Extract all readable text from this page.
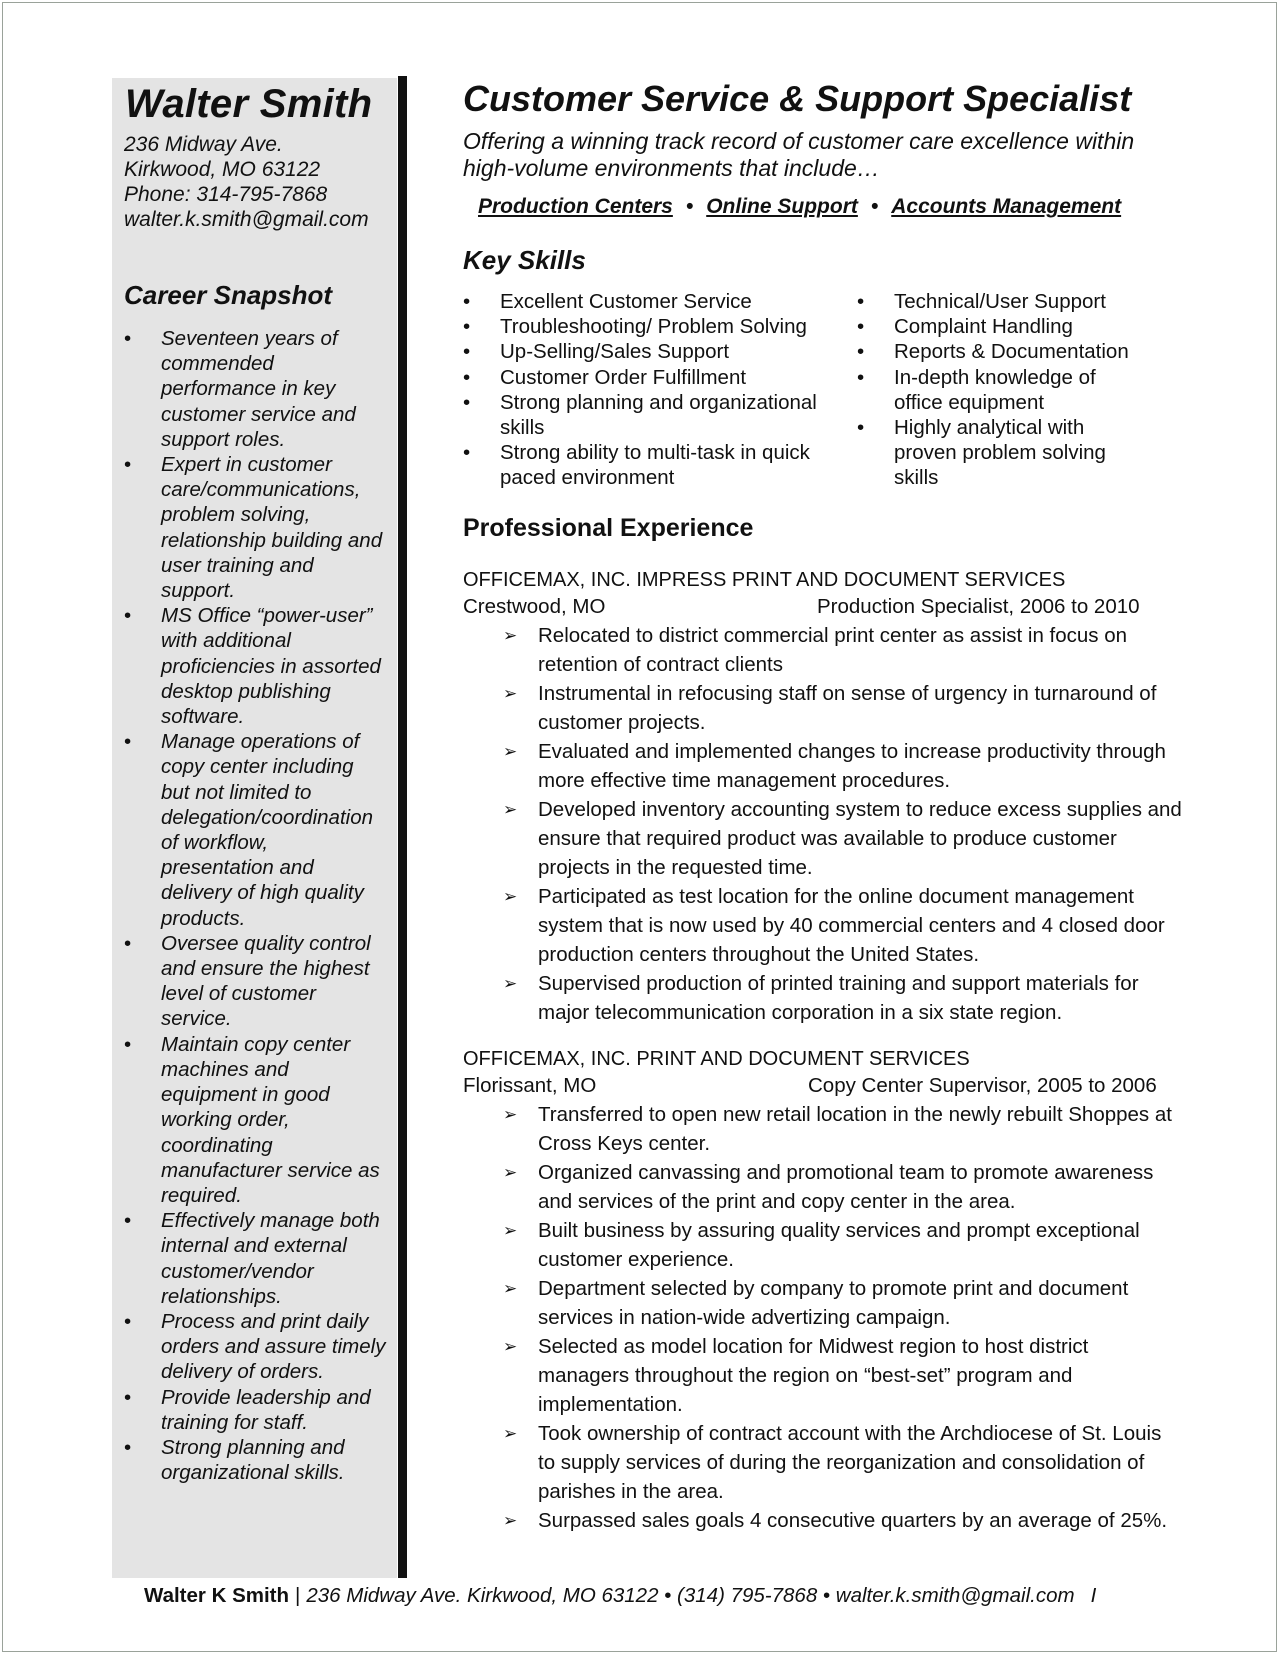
Walter Smith
236 Midway Ave.
Kirkwood, MO 63122
Phone: 314-795-7868
walter.k.smith@gmail.com
Career Snapshot
• Seventeen years of commended performance in key customer service and support roles.
• Expert in customer care/communications, problem solving, relationship building and user training and support.
• MS Office “power-user” with additional proficiencies in assorted desktop publishing software.
• Manage operations of copy center including but not limited to delegation/coordination of workflow, presentation and delivery of high quality products.
• Oversee quality control and ensure the highest level of customer service.
• Maintain copy center machines and equipment in good working order, coordinating manufacturer service as required.
• Effectively manage both internal and external customer/vendor relationships.
• Process and print daily orders and assure timely delivery of orders.
• Provide leadership and training for staff.
• Strong planning and organizational skills.
Customer Service & Support Specialist
Offering a winning track record of customer care excellence within high-volume environments that include…
Production Centers • Online Support • Accounts Management
Key Skills
• Excellent Customer Service
• Troubleshooting/ Problem Solving
• Up-Selling/Sales Support
• Customer Order Fulfillment
• Strong planning and organizational skills
• Strong ability to multi-task in quick paced environment
• Technical/User Support
• Complaint Handling
• Reports & Documentation
• In-depth knowledge of office equipment
• Highly analytical with proven problem solving skills
Professional Experience
OFFICEMAX, INC. IMPRESS PRINT AND DOCUMENT SERVICES
Crestwood, MO	Production Specialist, 2006 to 2010
➢ Relocated to district commercial print center as assist in focus on retention of contract clients
➢ Instrumental in refocusing staff on sense of urgency in turnaround of customer projects.
➢ Evaluated and implemented changes to increase productivity through more effective time management procedures.
➢ Developed inventory accounting system to reduce excess supplies and ensure that required product was available to produce customer projects in the requested time.
➢ Participated as test location for the online document management system that is now used by 40 commercial centers and 4 closed door production centers throughout the United States.
➢ Supervised production of printed training and support materials for major telecommunication corporation in a six state region.
OFFICEMAX, INC. PRINT AND DOCUMENT SERVICES
Florissant, MO	Copy Center Supervisor, 2005 to 2006
➢ Transferred to open new retail location in the newly rebuilt Shoppes at Cross Keys center.
➢ Organized canvassing and promotional team to promote awareness and services of the print and copy center in the area.
➢ Built business by assuring quality services and prompt exceptional customer experience.
➢ Department selected by company to promote print and document services in nation-wide advertizing campaign.
➢ Selected as model location for Midwest region to host district managers throughout the region on “best-set” program and implementation.
➢ Took ownership of contract account with the Archdiocese of St. Louis to supply services of during the reorganization and consolidation of parishes in the area.
➢ Surpassed sales goals 4 consecutive quarters by an average of 25%.
Walter K Smith | 236 Midway Ave. Kirkwood, MO 63122 • (314) 795-7868 • walter.k.smith@gmail.com I
